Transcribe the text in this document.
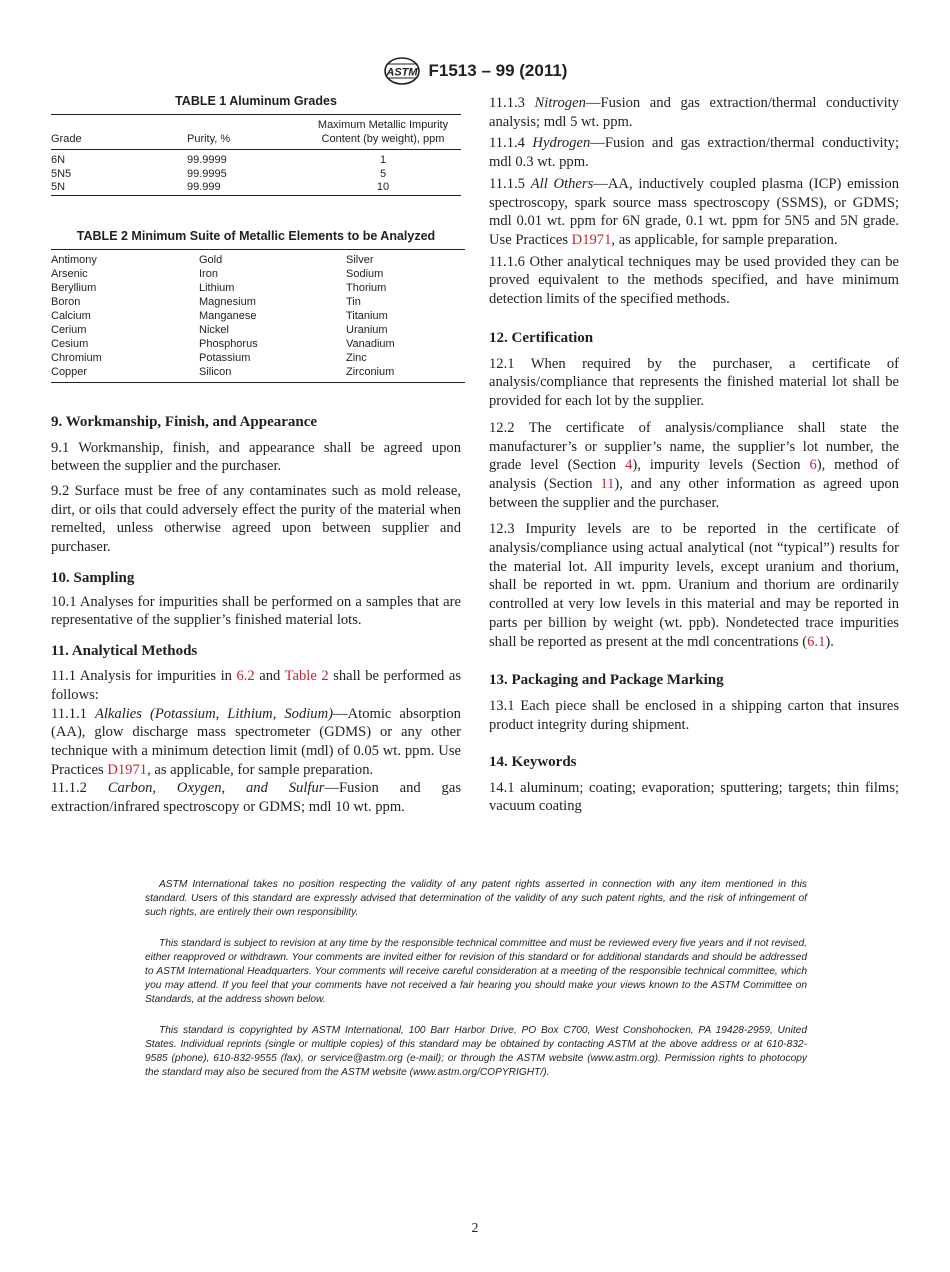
ASTM F1513 – 99 (2011)
TABLE 1 Aluminum Grades
Grade	Purity, %	Maximum Metallic Impurity Content (by weight), ppm
6N	99.9999	1
5N5	99.9995	5
5N	99.999	10
TABLE 2 Minimum Suite of Metallic Elements to be Analyzed
Antimony	Gold	Silver
Arsenic	Iron	Sodium
Beryllium	Lithium	Thorium
Boron	Magnesium	Tin
Calcium	Manganese	Titanium
Cerium	Nickel	Uranium
Cesium	Phosphorus	Vanadium
Chromium	Potassium	Zinc
Copper	Silicon	Zirconium
9. Workmanship, Finish, and Appearance

9.1 Workmanship, finish, and appearance shall be agreed upon between the supplier and the purchaser.

9.2 Surface must be free of any contaminates such as mold release, dirt, or oils that could adversely effect the purity of the material when remelted, unless otherwise agreed upon between supplier and purchaser.

10. Sampling

10.1 Analyses for impurities shall be performed on a samples that are representative of the supplier’s finished material lots.

11. Analytical Methods

11.1 Analysis for impurities in 6.2 and Table 2 shall be performed as follows:

11.1.1 Alkalies (Potassium, Lithium, Sodium)—Atomic absorption (AA), glow discharge mass spectrometer (GDMS) or any other technique with a minimum detection limit (mdl) of 0.05 wt. ppm. Use Practices D1971, as applicable, for sample preparation.

11.1.2 Carbon, Oxygen, and Sulfur—Fusion and gas extraction/infrared spectroscopy or GDMS; mdl 10 wt. ppm.

11.1.3 Nitrogen—Fusion and gas extraction/thermal conductivity analysis; mdl 5 wt. ppm.

11.1.4 Hydrogen—Fusion and gas extraction/thermal conductivity; mdl 0.3 wt. ppm.

11.1.5 All Others—AA, inductively coupled plasma (ICP) emission spectroscopy, spark source mass spectroscopy (SSMS), or GDMS; mdl 0.01 wt. ppm for 6N grade, 0.1 wt. ppm for 5N5 and 5N grade. Use Practices D1971, as applicable, for sample preparation.

11.1.6 Other analytical techniques may be used provided they can be proved equivalent to the methods specified, and have minimum detection limits of the specified methods.

12. Certification

12.1 When required by the purchaser, a certificate of analysis/compliance that represents the finished material lot shall be provided for each lot by the supplier.

12.2 The certificate of analysis/compliance shall state the manufacturer’s or supplier’s name, the supplier’s lot number, the grade level (Section 4), impurity levels (Section 6), method of analysis (Section 11), and any other information as agreed upon between the supplier and the purchaser.

12.3 Impurity levels are to be reported in the certificate of analysis/compliance using actual analytical (not “typical”) results for the material lot. All impurity levels, except uranium and thorium, shall be reported in wt. ppm. Uranium and thorium are ordinarily controlled at very low levels in this material and may be reported in parts per billion by weight (wt. ppb). Nondetected trace impurities shall be reported as present at the mdl concentrations (6.1).

13. Packaging and Package Marking

13.1 Each piece shall be enclosed in a shipping carton that insures product integrity during shipment.

14. Keywords

14.1 aluminum; coating; evaporation; sputtering; targets; thin films; vacuum coating

ASTM International takes no position respecting the validity of any patent rights asserted in connection with any item mentioned in this standard. Users of this standard are expressly advised that determination of the validity of any such patent rights, and the risk of infringement of such rights, are entirely their own responsibility.

This standard is subject to revision at any time by the responsible technical committee and must be reviewed every five years and if not revised, either reapproved or withdrawn. Your comments are invited either for revision of this standard or for additional standards and should be addressed to ASTM International Headquarters. Your comments will receive careful consideration at a meeting of the responsible technical committee, which you may attend. If you feel that your comments have not received a fair hearing you should make your views known to the ASTM Committee on Standards, at the address shown below.

This standard is copyrighted by ASTM International, 100 Barr Harbor Drive, PO Box C700, West Conshohocken, PA 19428-2959, United States. Individual reprints (single or multiple copies) of this standard may be obtained by contacting ASTM at the above address or at 610-832-9585 (phone), 610-832-9555 (fax), or service@astm.org (e-mail); or through the ASTM website (www.astm.org). Permission rights to photocopy the standard may also be secured from the ASTM website (www.astm.org/COPYRIGHT/).

2
